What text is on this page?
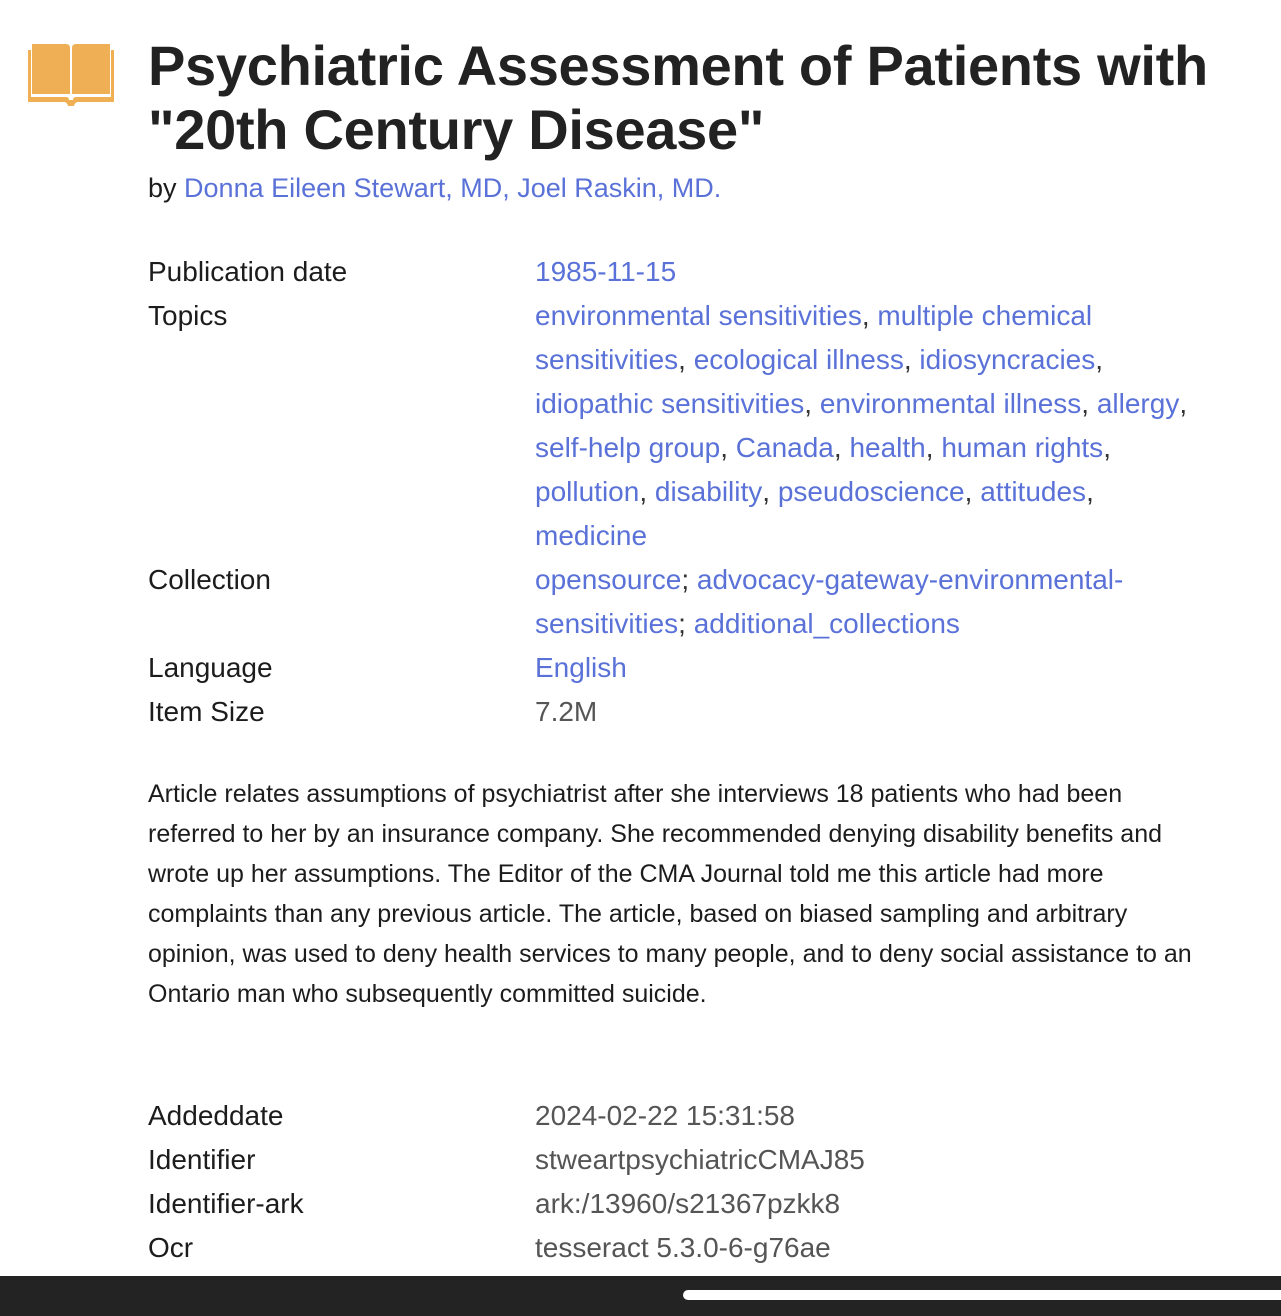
Psychiatric Assessment of Patients with "20th Century Disease"
by Donna Eileen Stewart, MD, Joel Raskin, MD.
Publication date	1985-11-15
Topics	environmental sensitivities, multiple chemical sensitivities, ecological illness, idiosyncracies, idiopathic sensitivities, environmental illness, allergy, self-help group, Canada, health, human rights, pollution, disability, pseudoscience, attitudes, medicine
Collection	opensource; advocacy-gateway-environmental-sensitivities; additional_collections
Language	English
Item Size	7.2M

Article relates assumptions of psychiatrist after she interviews 18 patients who had been referred to her by an insurance company. She recommended denying disability benefits and wrote up her assumptions. The Editor of the CMA Journal told me this article had more complaints than any previous article. The article, based on biased sampling and arbitrary opinion, was used to deny health services to many people, and to deny social assistance to an Ontario man who subsequently committed suicide.

Addeddate	2024-02-22 15:31:58
Identifier	stweartpsychiatricCMAJ85
Identifier-ark	ark:/13960/s21367pzkk8
Ocr	tesseract 5.3.0-6-g76ae
